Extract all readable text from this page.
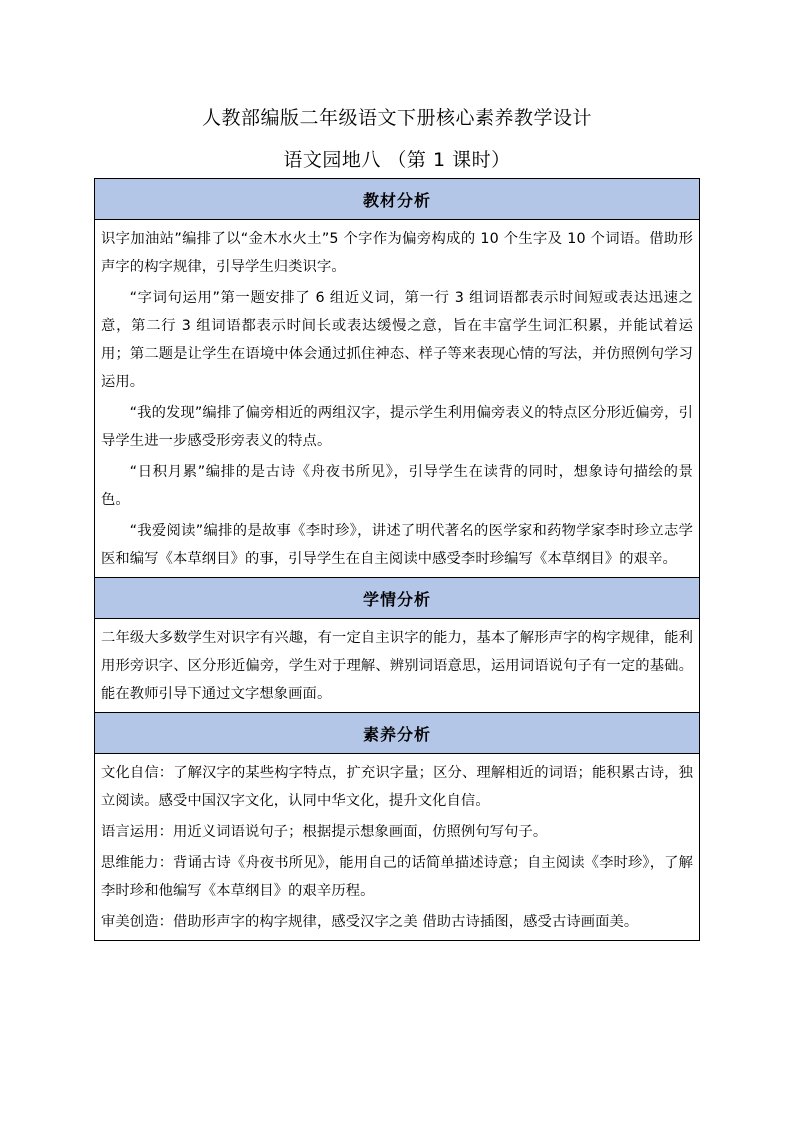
人教部编版二年级语文下册核心素养教学设计
语文园地八 （第 1 课时）
教材分析

识字加油站”编排了以“金木水火土”5 个字作为偏旁构成的 10 个生字及 10 个词语。借助形声字的构字规律，引导学生归类识字。

“字词句运用”第一题安排了 6 组近义词，第一行 3 组词语都表示时间短或表达迅速之意，第二行 3 组词语都表示时间长或表达缓慢之意，旨在丰富学生词汇积累，并能试着运用；第二题是让学生在语境中体会通过抓住神态、样子等来表现心情的写法，并仿照例句学习运用。

“我的发现”编排了偏旁相近的两组汉字，提示学生利用偏旁表义的特点区分形近偏旁，引导学生进一步感受形旁表义的特点。

“日积月累”编排的是古诗《舟夜书所见》，引导学生在读背的同时，想象诗句描绘的景色。

“我爱阅读”编排的是故事《李时珍》，讲述了明代著名的医学家和药物学家李时珍立志学医和编写《本草纲目》的事，引导学生在自主阅读中感受李时珍编写《本草纲目》的艰辛。

学情分析

二年级大多数学生对识字有兴趣，有一定自主识字的能力，基本了解形声字的构字规律，能利用形旁识字、区分形近偏旁，学生对于理解、辨别词语意思，运用词语说句子有一定的基础。能在教师引导下通过文字想象画面。

素养分析

文化自信：了解汉字的某些构字特点，扩充识字量；区分、理解相近的词语；能积累古诗，独立阅读。感受中国汉字文化，认同中华文化，提升文化自信。

语言运用：用近义词语说句子；根据提示想象画面，仿照例句写句子。

思维能力：背诵古诗《舟夜书所见》，能用自己的话简单描述诗意；自主阅读《李时珍》，了解李时珍和他编写《本草纲目》的艰辛历程。

审美创造：借助形声字的构字规律，感受汉字之美 借助古诗插图，感受古诗画面美。
